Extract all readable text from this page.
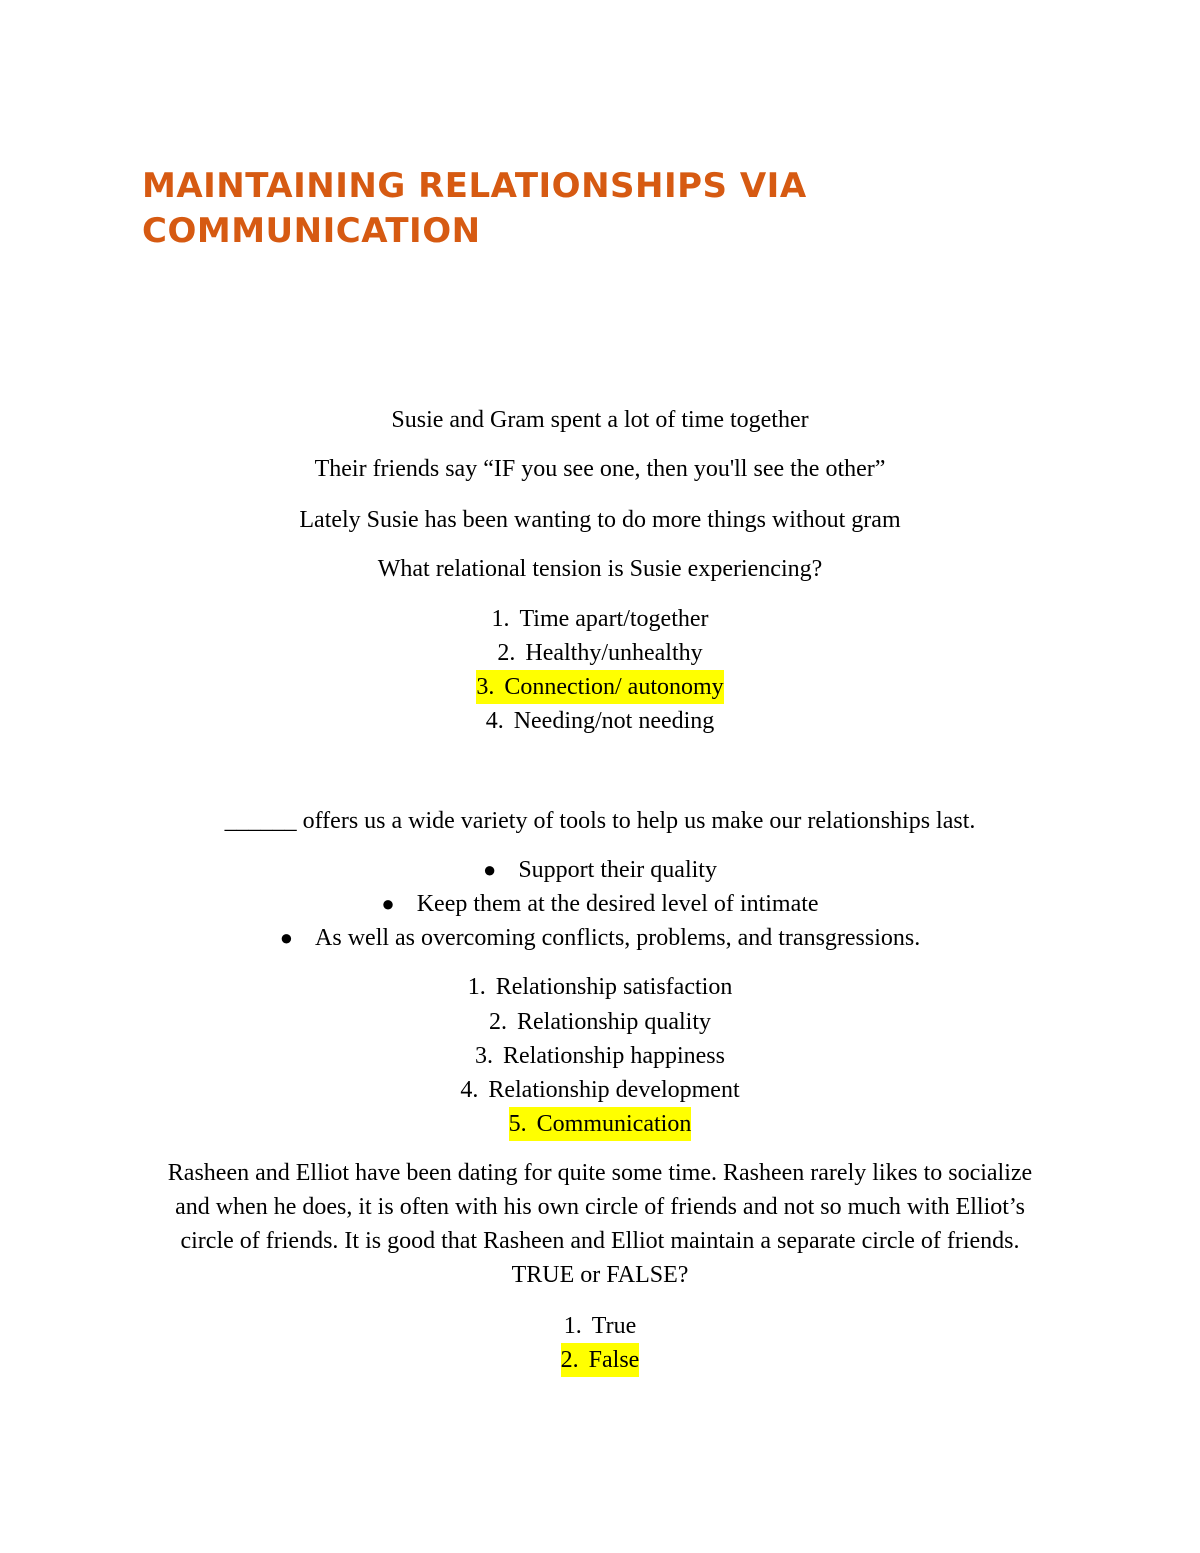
MAINTAINING RELATIONSHIPS VIA COMMUNICATION
Susie and Gram spent a lot of time together
Their friends say “IF you see one, then you'll see the other”
Lately Susie has been wanting to do more things without gram
What relational tension is Susie experiencing?
1. Time apart/together
2. Healthy/unhealthy
3. Connection/ autonomy
4. Needing/not needing
______ offers us a wide variety of tools to help us make our relationships last.
● Support their quality
● Keep them at the desired level of intimate
● As well as overcoming conflicts, problems, and transgressions.
1. Relationship satisfaction
2. Relationship quality
3. Relationship happiness
4. Relationship development
5. Communication

Rasheen and Elliot have been dating for quite some time. Rasheen rarely likes to socialize and when he does, it is often with his own circle of friends and not so much with Elliot’s circle of friends. It is good that Rasheen and Elliot maintain a separate circle of friends. TRUE or FALSE?

1. True
2. False
